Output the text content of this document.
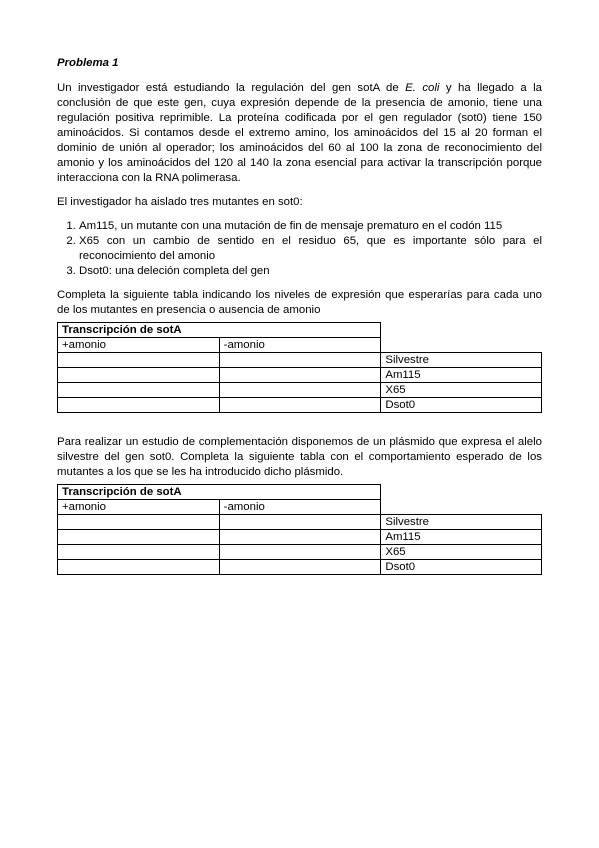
Problema 1

Un investigador está estudiando la regulación del gen sotA de E. coli y ha llegado a la conclusión de que este gen, cuya expresión depende de la presencia de amonio, tiene una regulación positiva reprimible. La proteína codificada por el gen regulador (sot0) tiene 150 aminoácidos. Si contamos desde el extremo amino, los aminoácidos del 15 al 20 forman el dominio de unión al operador; los aminoácidos del 60 al 100 la zona de reconocimiento del amonio y los aminoácidos del 120 al 140 la zona esencial para activar la transcripción porque interacciona con la RNA polimerasa.

El investigador ha aislado tres mutantes en sot0:

1. Am115, un mutante con una mutación de fin de mensaje prematuro en el codón 115
2. X65 con un cambio de sentido en el residuo 65, que es importante sólo para el reconocimiento del amonio
3. Dsot0: una deleción completa del gen

Completa la siguiente tabla indicando los niveles de expresión que esperarías para cada uno de los mutantes en presencia o ausencia de amonio

Transcripción de sotA		
+amonio	-amonio	
		Silvestre
		Am115
		X65
		Dsot0

Para realizar un estudio de complementación disponemos de un plásmido que expresa el alelo silvestre del gen sot0. Completa la siguiente tabla con el comportamiento esperado de los mutantes a los que se les ha introducido dicho plásmido.

Transcripción de sotA		
+amonio	-amonio	
		Silvestre
		Am115
		X65
		Dsot0
